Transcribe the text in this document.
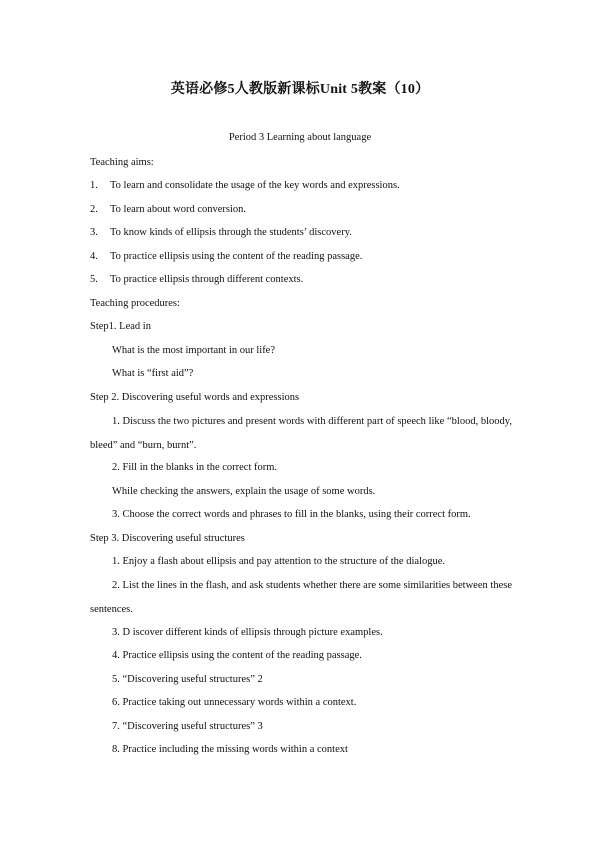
英语必修5人教版新课标Unit 5教案（10）
Period 3 Learning about language
Teaching aims:
1. To learn and consolidate the usage of the key words and expressions.
2. To learn about word conversion.
3. To know kinds of ellipsis through the students’ discovery.
4. To practice ellipsis using the content of the reading passage.
5. To practice ellipsis through different contexts.
Teaching procedures:
Step1. Lead in
What is the most important in our life?
What is “first aid”?
Step 2. Discovering useful words and expressions
1. Discuss the two pictures and present words with different part of speech like “blood, bloody, bleed” and “burn, burnt”.
2. Fill in the blanks in the correct form.
While checking the answers, explain the usage of some words.
3. Choose the correct words and phrases to fill in the blanks, using their correct form.
Step 3. Discovering useful structures
1. Enjoy a flash about ellipsis and pay attention to the structure of the dialogue.
2. List the lines in the flash, and ask students whether there are some similarities between these sentences.
3. D iscover different kinds of ellipsis through picture examples.
4. Practice ellipsis using the content of the reading passage.
5. “Discovering useful structures” 2
6. Practice taking out unnecessary words within a context.
7. “Discovering useful structures” 3
8. Practice including the missing words within a context
